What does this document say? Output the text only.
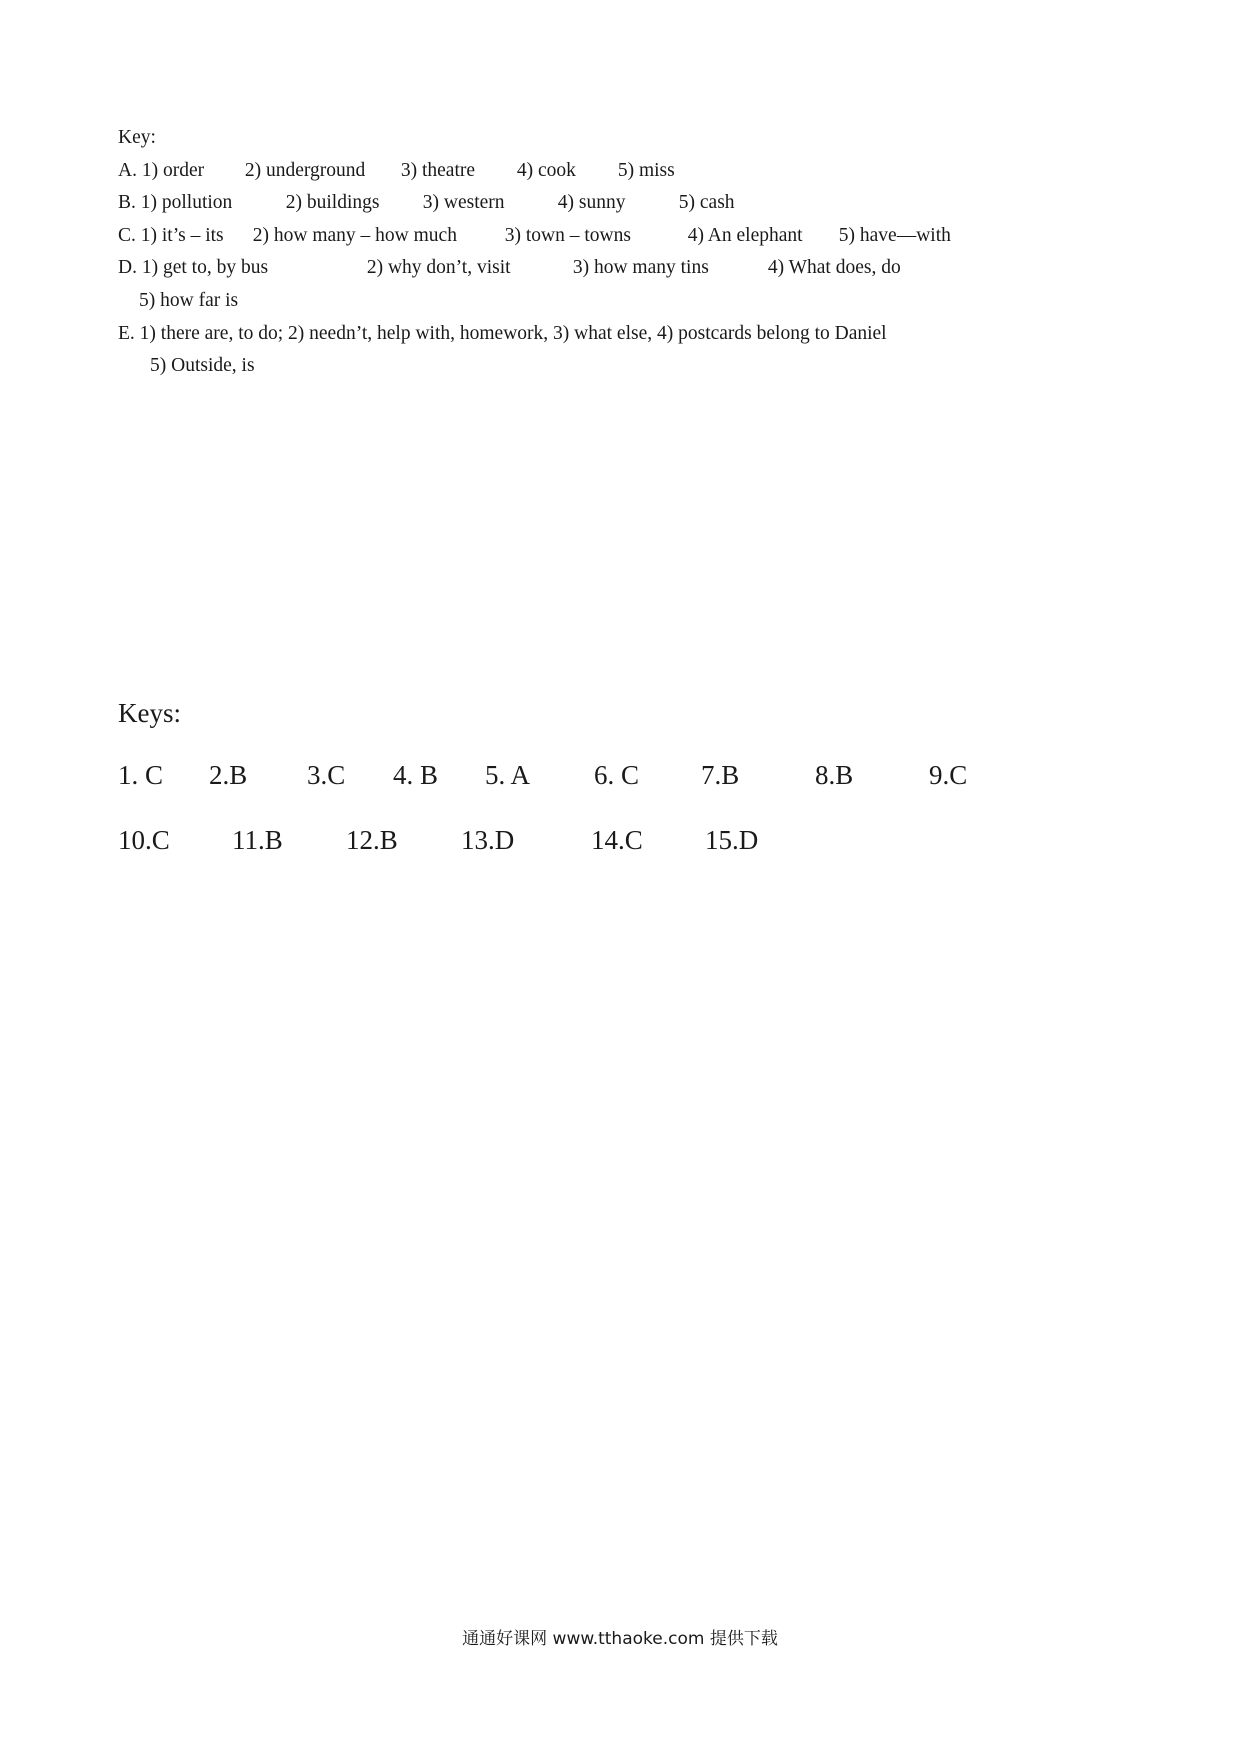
Key:
A. 1) order 2) underground 3) theatre 4) cook 5) miss
B. 1) pollution	2) buildings 3) western	4) sunny	5) cash
C. 1) it’s – its 2) how many – how much 3) town – towns	4) An elephant 5) have—with
D. 1) get to, by bus	2) why don’t, visit	3) how many tins	4) What does, do
5) how far is
E. 1) there are, to do; 2) needn’t, help with, homework, 3) what else, 4) postcards belong to Daniel
5) Outside, is
Keys:
1. C 2.B 3.C 4. B 5. A 6. C 7.B	8.B	9.C
10.C 11.B 12.B 13.D	14.C 15.D
通通好课网 www.tthaoke.com 提供下载
